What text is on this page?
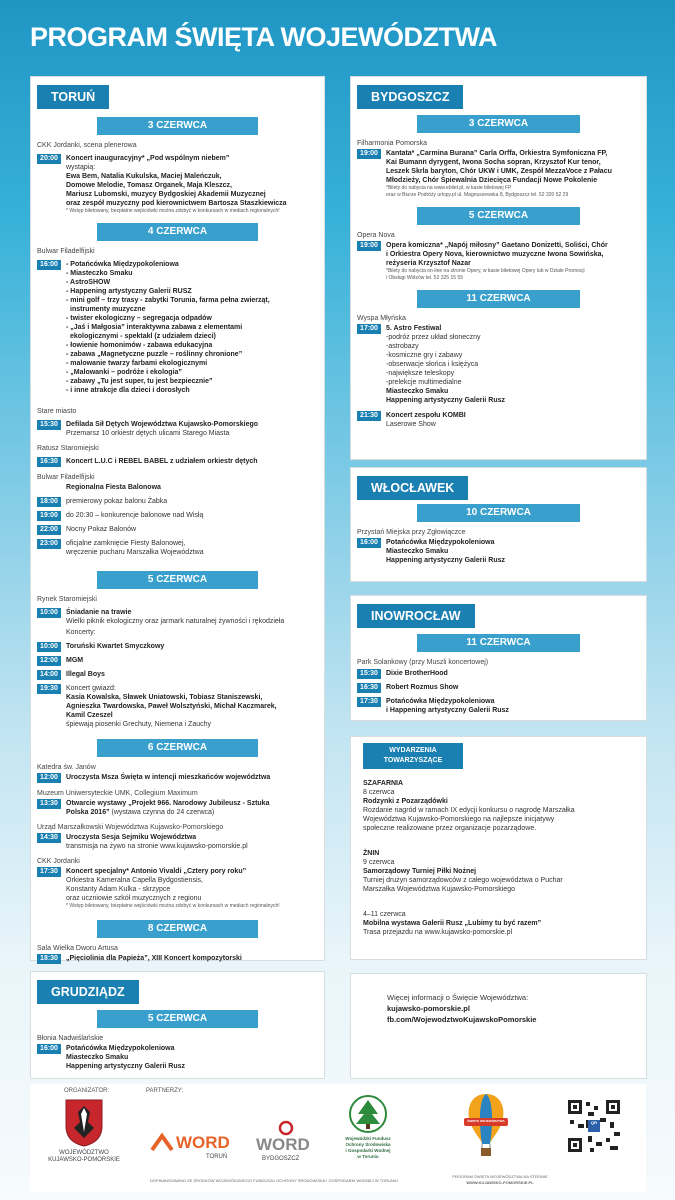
PROGRAM ŚWIĘTA WOJEWÓDZTWA
TORUŃ
3 CZERWCA
CKK Jordanki, scena plenerowa
20:00	Koncert inauguracyjny* „Pod wspólnym niebem”
wystąpią:
Ewa Bem, Natalia Kukulska, Maciej Maleńczuk,
Domowe Melodie, Tomasz Organek, Maja Kleszcz,
Mariusz Lubomski, muzycy Bydgoskiej Akademii Muzycznej
oraz zespół muzyczny pod kierownictwem Bartosza Staszkiewicza
* Wstęp biletowany, bezpłatne wejściówki można zdobyć w konkursach w mediach regionalnych!
4 CZERWCA
Bulwar Filadelfijski
16:00	- Potańcówka Międzypokoleniowa
- Miasteczko Smaku
- AstroSHOW
- Happening artystyczny Galerii RUSZ
- mini golf – trzy trasy - zabytki Torunia, farma pełna zwierząt,
instrumenty muzyczne
- twister ekologiczny – segregacja odpadów
- „Jaś i Małgosia” interaktywna zabawa z elementami
ekologicznymi - spektakl (z udziałem dzieci)
- łowienie homonimów - zabawa edukacyjna
- zabawa „Magnetyczne puzzle – roślinny chronione”
- malowanie twarzy farbami ekologicznymi
- „Malowanki – podróże i ekologia”
- zabawy „Tu jest super, tu jest bezpiecznie”
- i inne atrakcje dla dzieci i dorosłych
Stare miasto
15:30	Defilada Sił Dętych Województwa Kujawsko-Pomorskiego
Przemarsz 10 orkiestr dętych ulicami Starego Miasta
Ratusz Staromiejski
16:30	Koncert L.U.C i REBEL BABEL z udziałem orkiestr dętych
Bulwar Filadelfijski
Regionalna Fiesta Balonowa
18:00	premierowy pokaz balonu Żabka
19:00	do 20:30 – konkurencje balonowe nad Wisłą
22:00	Nocny Pokaz Balonów
23:00	oficjalne zamknięcie Fiesty Balonowej,
wręczenie pucharu Marszałka Województwa
5 CZERWCA
Rynek Staromiejski
10:00	Śniadanie na trawie
Wielki piknik ekologiczny oraz jarmark naturalnej żywności i rękodzieła
Koncerty:
10:00	Toruński Kwartet Smyczkowy
12:00	MGM
14:00	Illegal Boys
19:30	Koncert gwiazd:
Kasia Kowalska, Sławek Uniatowski, Tobiasz Staniszewski,
Agnieszka Twardowska, Paweł Wolsztyński, Michał Kaczmarek,
Kamil Czeszel
śpiewają piosenki Grechuty, Niemena i Zauchy
6 CZERWCA
Katedra św. Janów
12:00	Uroczysta Msza Święta w intencji mieszkańców województwa
Muzeum Uniwersyteckie UMK, Collegium Maximum
13:30	Otwarcie wystawy „Projekt 966. Narodowy Jubileusz - Sztuka
Polska 2016” (wystawa czynna do 24 czerwca)
Urząd Marszałkowski Województwa Kujawsko-Pomorskiego
14:30	Uroczysta Sesja Sejmiku Województwa
transmisja na żywo na stronie www.kujawsko-pomorskie.pl
CKK Jordanki
17:30	Koncert specjalny* Antonio Vivaldi „Cztery pory roku”
Orkiestra Kameralna Capella Bydgostiensis,
Konstanty Adam Kulka - skrzypce
oraz uczniowie szkół muzycznych z regionu
* Wstęp biletowany, bezpłatne wejściówki można zdobyć w konkursach w mediach regionalnych!
8 CZERWCA
Sala Wielka Dworu Artusa
18:30	„Pięciolinia dla Papieża”, XIII Koncert kompozytorski
GRUDZIĄDZ
5 CZERWCA
Błonia Nadwiślańskie
16:00	Potańcówka Międzypokoleniowa
Miasteczko Smaku
Happening artystyczny Galerii Rusz
BYDGOSZCZ
3 CZERWCA
Filharmonia Pomorska
19:00	Kantata* „Carmina Burana” Carla Orffa, Orkiestra Symfoniczna FP,
Kai Bumann dyrygent, Iwona Socha sopran, Krzysztof Kur tenor,
Leszek Skrla baryton, Chór UKW i UMK, Zespół MezzaVoce z Pałacu
Młodzieży, Chór Śpiewalnia Dziecięca Fundacji Nowe Pokolenie
*Bilety do nabycia na www.ebilet.pl, w kasie biletowej FP
oraz w Biurze Podróży urlopy.pl ul. Magnuszewska 8, Bydgoszcz tel. 52 320 52 29
5 CZERWCA
Opera Nova
19:00	Opera komiczna* „Napój miłosny” Gaetano Donizetti, Soliści, Chór
i Orkiestra Opery Nova, kierownictwo muzyczne Iwona Sowińska,
reżyseria Krzysztof Nazar
*Bilety do nabycia on-line na stronie Opery, w kasie biletowej Opery lub w Dziale Promocji
i Obsługi Widzów tel. 52 325 15 55
11 CZERWCA
Wyspa Młyńska
17:00	5. Astro Festiwal
-podróż przez układ słoneczny
-astrobazy
-kosmiczne gry i zabawy
-obserwacje słońca i księżyca
-największe teleskopy
-prelekcje multimedialne
Miasteczko Smaku
Happening artystyczny Galerii Rusz
21:30	Koncert zespołu KOMBI
Laserowe Show
WŁOCŁAWEK
10 CZERWCA
Przystań Miejska przy Zgłowiączce
16:00	Potańcówka Międzypokoleniowa
Miasteczko Smaku
Happening artystyczny Galerii Rusz
INOWROCŁAW
11 CZERWCA
Park Solankowy (przy Muszli koncertowej)
15:30	Dixie BrotherHood
16:30	Robert Rozmus Show
17:30	Potańcówka Międzypokoleniowa
i Happening artystyczny Galerii Rusz
WYDARZENIA
TOWARZYSZĄCE
SZAFARNIA
8 czerwca
Rodzynki z Pozarządówki
Rozdanie nagród w ramach IX edycji konkursu o nagrodę Marszałka
Województwa Kujawsko-Pomorskiego na najlepsze inicjatywy
społeczne realizowane przez organizacje pozarządowe.
ŻNIN
9 czerwca
Samorządowy Turniej Piłki Nożnej
Turniej drużyn samorządowców z całego województwa o Puchar
Marszałka Województwa Kujawsko-Pomorskiego
4–11 czerwca
Mobilna wystawa Galerii Rusz „Lubimy tu być razem”
Trasa przejazdu na www.kujawsko-pomorskie.pl
Więcej informacji o Święcie Województwa:
kujawsko-pomorskie.pl
fb.com/WojewodztwoKujawskoPomorskie
ORGANIZATOR:	PARTNERZY:
WOJEWÓDZTWO
KUJAWSKO-POMORSKIE
WORD
TORUŃ
WORD
BYDGOSZCZ
Wojewódzki Fundusz
Ochrony Środowiska
i Gospodarki Wodnej
w Toruniu
ŚWIĘTO WOJEWÓDZTWA	QR
DOFINANSOWANO ZE ŚRODKÓW WOJEWÓDZKIEGO FUNDUSZU OCHRONY ŚRODOWISKA I GOSPODARKI WODNEJ W TORUNIU
PROGRAM ŚWIĘTA WOJEWÓDZTWA NA STRONIE
WWW.KUJAWSKO-POMORSKIE.PL
